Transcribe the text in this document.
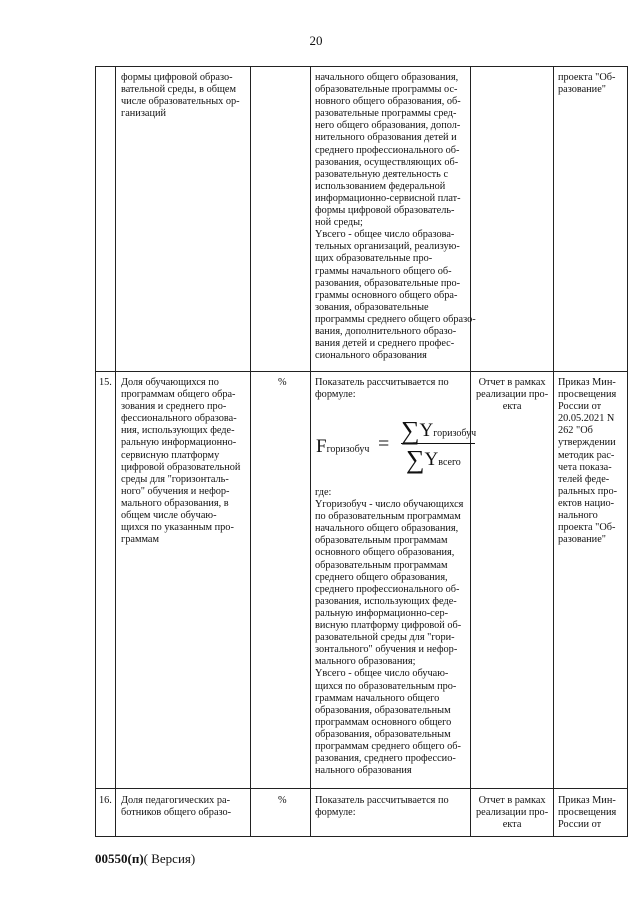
20
формы цифровой образо-
вательной среды, в общем
числе образовательных ор-
ганизаций
начального общего образования,
образовательные программы ос-
новного общего образования, об-
разовательные программы сред-
него общего образования, допол-
нительного образования детей и
среднего профессионального об-
разования, осуществляющих об-
разовательную деятельность с
использованием федеральной
информационно-сервисной плат-
формы цифровой образователь-
ной среды;
Yвсего - общее число образова-
тельных организаций, реализую-
щих образовательные про-
граммы начального общего об-
разования, образовательные про-
граммы основного общего обра-
зования, образовательные
программы среднего общего образо-
вания, дополнительного образо-
вания детей и среднего профес-
сионального образования
проекта "Об-
разование"
15. Доля обучающихся по
программам общего обра-
зования и среднего про-
фессионального образова-
ния, использующих феде-
ральную информационно-
сервисную платформу
цифровой образовательной
среды для "горизонталь-
ного" обучения и нефор-
мального образования, в
общем числе обучаю-
щихся по указанным про-
граммам
%	Показатель рассчитывается по
формуле:
где:
Yгоризобуч - число обучающихся
по образовательным программам
начального общего образования,
образовательным программам
основного общего образования,
образовательным программам
среднего общего образования,
среднего профессионального об-
разования, использующих феде-
ральную информационно-сер-
висную платформу цифровой об-
разовательной среды для "гори-
зонтального" обучения и нефор-
мального образования;
Yвсего - общее число обучаю-
щихся по образовательным про-
граммам начального общего
образования, образовательным
программам основного общего
образования, образовательным
программам среднего общего об-
разования, среднего профессио-
нального образования
Отчет в рамках
реализации про-
екта
Приказ Мин-
просвещения
России от
20.05.2021 N
262 "Об
утверждении
методик рас-
чета показа-
телей феде-
ральных про-
ектов нацио-
нального
проекта "Об-
разование"
16. Доля педагогических ра-
ботников общего образо-
%	Показатель рассчитывается по
формуле:
Отчет в рамках
реализации про-
екта
Приказ Мин-
просвещения
России от
Fгоризобуч = ∑Yгоризобуч
∑Yвсего
00550(п)( Версия)
